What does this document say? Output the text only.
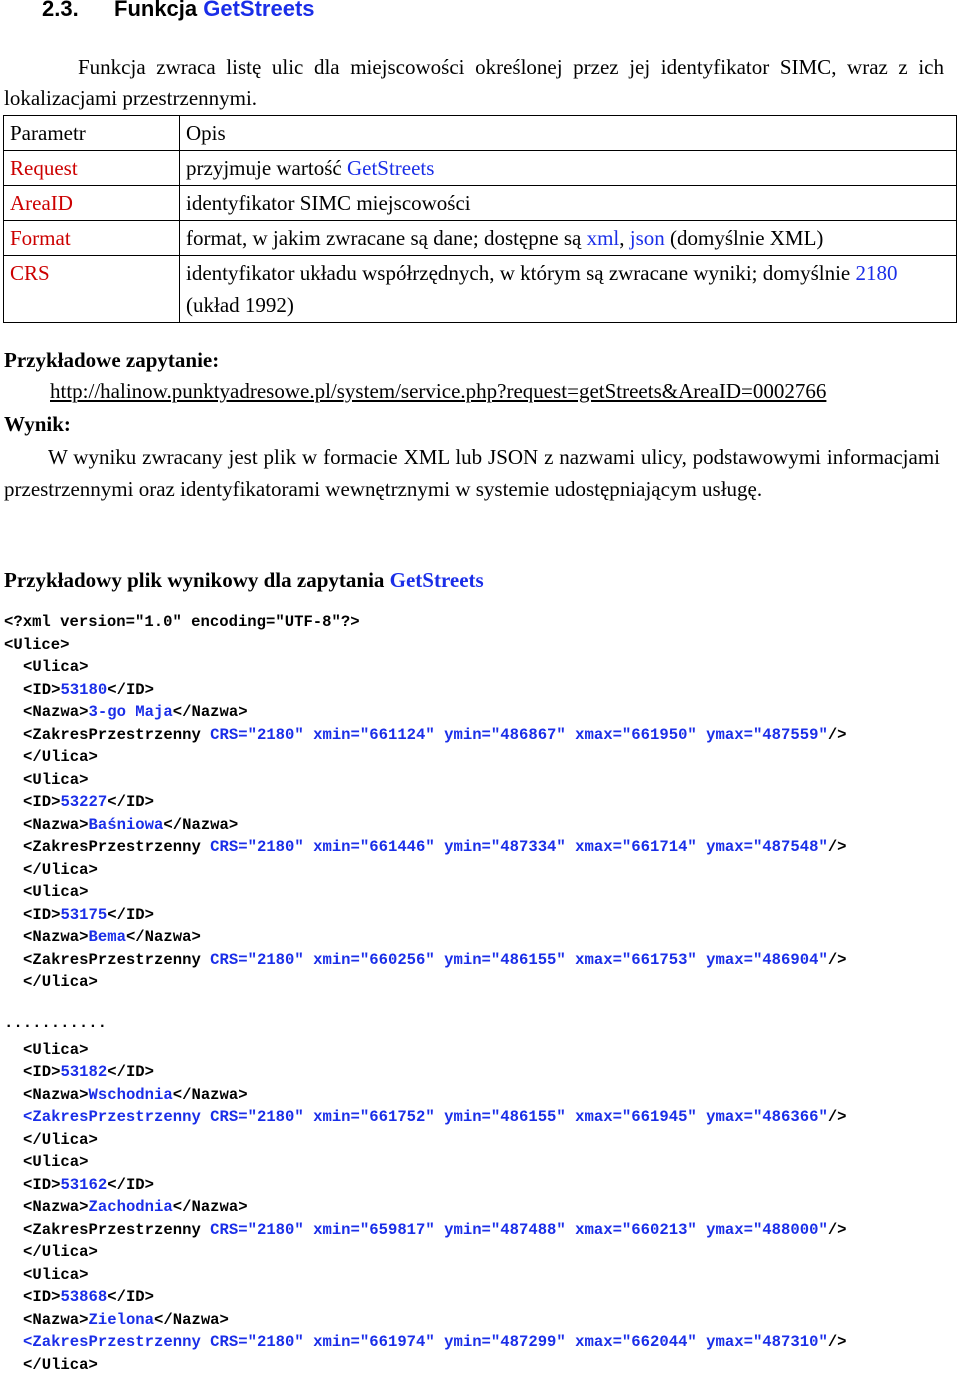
2.3. Funkcja GetStreets
Funkcja zwraca listę ulic dla miejscowości określonej przez jej identyfikator SIMC, wraz z ich lokalizacjami przestrzennymi.
Parametr	Opis
Request	przyjmuje wartość GetStreets
AreaID	identyfikator SIMC miejscowości
Format	format, w jakim zwracane są dane; dostępne są xml, json (domyślnie XML)
CRS	identyfikator układu współrzędnych, w którym są zwracane wyniki; domyślnie 2180 (układ 1992)
Przykładowe zapytanie:
http://halinow.punktyadresowe.pl/system/service.php?request=getStreets&AreaID=0002766
Wynik:
W wyniku zwracany jest plik w formacie XML lub JSON z nazwami ulicy, podstawowymi informacjami przestrzennymi oraz identyfikatorami wewnętrznymi w systemie udostępniającym usługę.
Przykładowy plik wynikowy dla zapytania GetStreets
<?xml version="1.0" encoding="UTF-8"?>
<Ulice>
<Ulica>
<ID>53180</ID>
<Nazwa>3-go Maja</Nazwa>
<ZakresPrzestrzenny CRS="2180" xmin="661124" ymin="486867" xmax="661950" ymax="487559"/>
</Ulica>
<Ulica>
<ID>53227</ID>
<Nazwa>Baśniowa</Nazwa>
<ZakresPrzestrzenny CRS="2180" xmin="661446" ymin="487334" xmax="661714" ymax="487548"/>
</Ulica>
<Ulica>
<ID>53175</ID>
<Nazwa>Bema</Nazwa>
<ZakresPrzestrzenny CRS="2180" xmin="660256" ymin="486155" xmax="661753" ymax="486904"/>
</Ulica>
<Ulica>
<ID>53182</ID>
<Nazwa>Wschodnia</Nazwa>
<ZakresPrzestrzenny CRS="2180" xmin="661752" ymin="486155" xmax="661945" ymax="486366"/>
</Ulica>
<Ulica>
<ID>53162</ID>
<Nazwa>Zachodnia</Nazwa>
<ZakresPrzestrzenny CRS="2180" xmin="659817" ymin="487488" xmax="660213" ymax="488000"/>
</Ulica>
<Ulica>
<ID>53868</ID>
<Nazwa>Zielona</Nazwa>
<ZakresPrzestrzenny CRS="2180" xmin="661974" ymin="487299" xmax="662044" ymax="487310"/>
</Ulica>
...........
